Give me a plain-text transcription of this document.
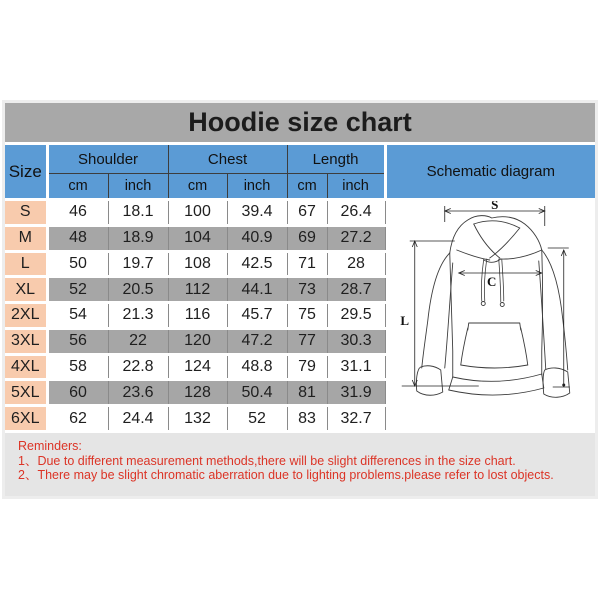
Hoodie size chart
Size	Shoulder		Chest		Length		Schematic diagram
	cm	inch	cm	inch	cm	inch	
S	46	18.1	100	39.4	67	26.4	S
C
L

M	48	18.9	104	40.9	69	27.2	
L	50	19.7	108	42.5	71	28	
XL	52	20.5	112	44.1	73	28.7	
2XL	54	21.3	116	45.7	75	29.5	
3XL	56	22	120	47.2	77	30.3	
4XL	58	22.8	124	48.8	79	31.1	
5XL	60	23.6	128	50.4	81	31.9	
6XL	62	24.4	132	52	83	32.7	
Reminders:
1、Due to different measurement methods,there will be slight differences in the size chart.
2、There may be slight chromatic aberration due to lighting problems.please refer to lost objects.
